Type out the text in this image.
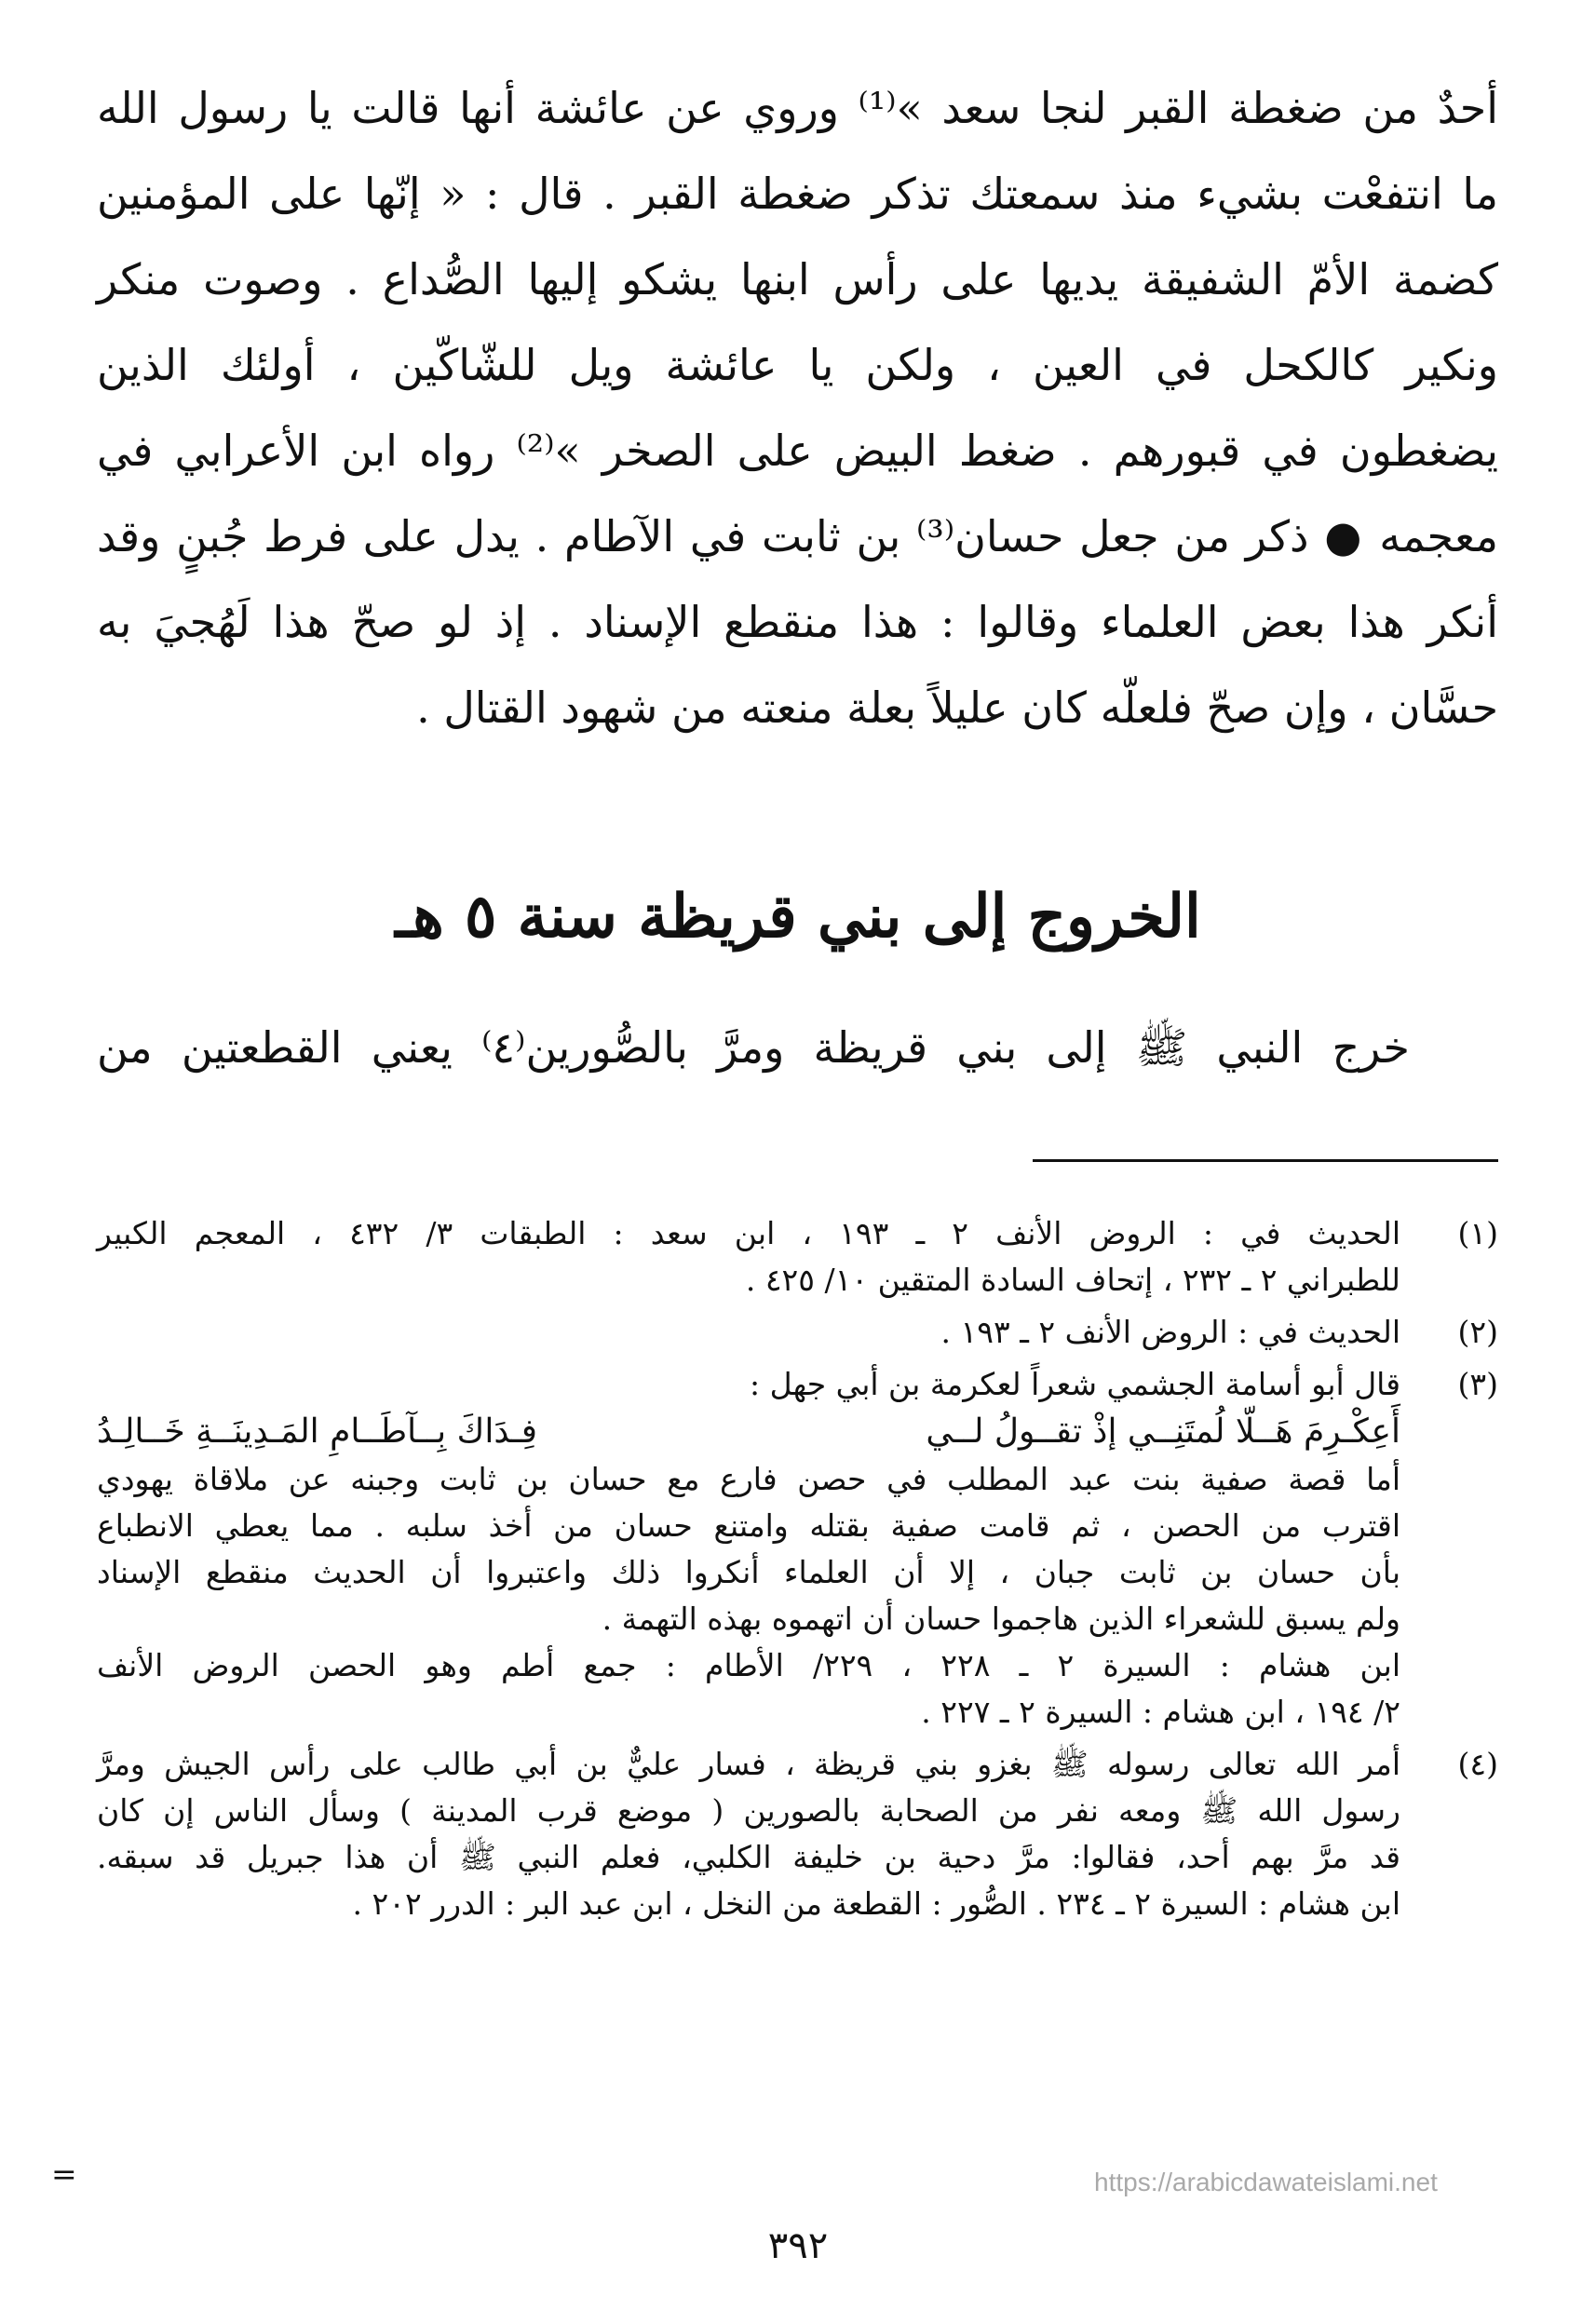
أحدٌ من ضغطة القبر لنجا سعد »⁽¹⁾ وروي عن عائشة أنها قالت يا رسول الله
ما انتفعْت بشيء منذ سمعتك تذكر ضغطة القبر . قال : « إنّها على المؤمنين
كضمة الأمّ الشفيقة يديها على رأس ابنها يشكو إليها الصُّداع . وصوت منكر
ونكير كالكحل في العين ، ولكن يا عائشة ويل للشّاكّين ، أولئك الذين
يضغطون في قبورهم . ضغط البيض على الصخر »⁽²⁾ رواه ابن الأعرابي في
معجمه ● ذكر من جعل حسان⁽³⁾ بن ثابت في الآطام . يدل على فرط جُبنٍ وقد
أنكر هذا بعض العلماء وقالوا : هذا منقطع الإسناد . إذ لو صحّ هذا لَهُجيَ به
حسَّان ، وإن صحّ فلعلّه كان عليلاً بعلة منعته من شهود القتال .
الخروج إلى بني قريظة سنة ٥ هـ
خرج النبي ﷺ إلى بني قريظة ومرَّ بالصُّورين⁽٤⁾ يعني القطعتين من
(١)
الحديث في : الروض الأنف ٢ ـ ١٩٣ ، ابن سعد : الطبقات ٣/ ٤٣٢ ، المعجم الكبير
للطبراني ٢ ـ ٢٣٢ ، إتحاف السادة المتقين ١٠/ ٤٢٥ .
(٢)
الحديث في : الروض الأنف ٢ ـ ١٩٣ .
(٣)
قال أبو أسامة الجشمي شعراً لعكرمة بن أبي جهل :
أَعِكْـرِمَ هَــلّا لُمتَنِــي إذْ تقــولُ لــي
فِـدَاكَ بِــآطَــامِ المَـدِينَــةِ خَــالِـدُ
أما قصة صفية بنت عبد المطلب في حصن فارع مع حسان بن ثابت وجبنه عن ملاقاة يهودي
اقترب من الحصن ، ثم قامت صفية بقتله وامتنع حسان من أخذ سلبه . مما يعطي الانطباع
بأن حسان بن ثابت جبان ، إلا أن العلماء أنكروا ذلك واعتبروا أن الحديث منقطع الإسناد
ولم يسبق للشعراء الذين هاجموا حسان أن اتهموه بهذه التهمة .
ابن هشام : السيرة ٢ ـ ٢٢٨ ، ٢٢٩/ الأطام : جمع أطم وهو الحصن الروض الأنف
٢/ ١٩٤ ، ابن هشام : السيرة ٢ ـ ٢٢٧ .
(٤)
أمر الله تعالى رسوله ﷺ بغزو بني قريظة ، فسار عليٌّ بن أبي طالب على رأس الجيش ومرَّ
رسول الله ﷺ ومعه نفر من الصحابة بالصورين ( موضع قرب المدينة ) وسأل الناس إن كان
قد مرَّ بهم أحد، فقالوا: مرَّ دحية بن خليفة الكلبي، فعلم النبي ﷺ أن هذا جبريل قد سبقه.
ابن هشام : السيرة ٢ ـ ٢٣٤ . الصُّور : القطعة من النخل ، ابن عبد البر : الدرر ٢٠٢ .
=	https://arabicdawateislami.net
٣٩٢
